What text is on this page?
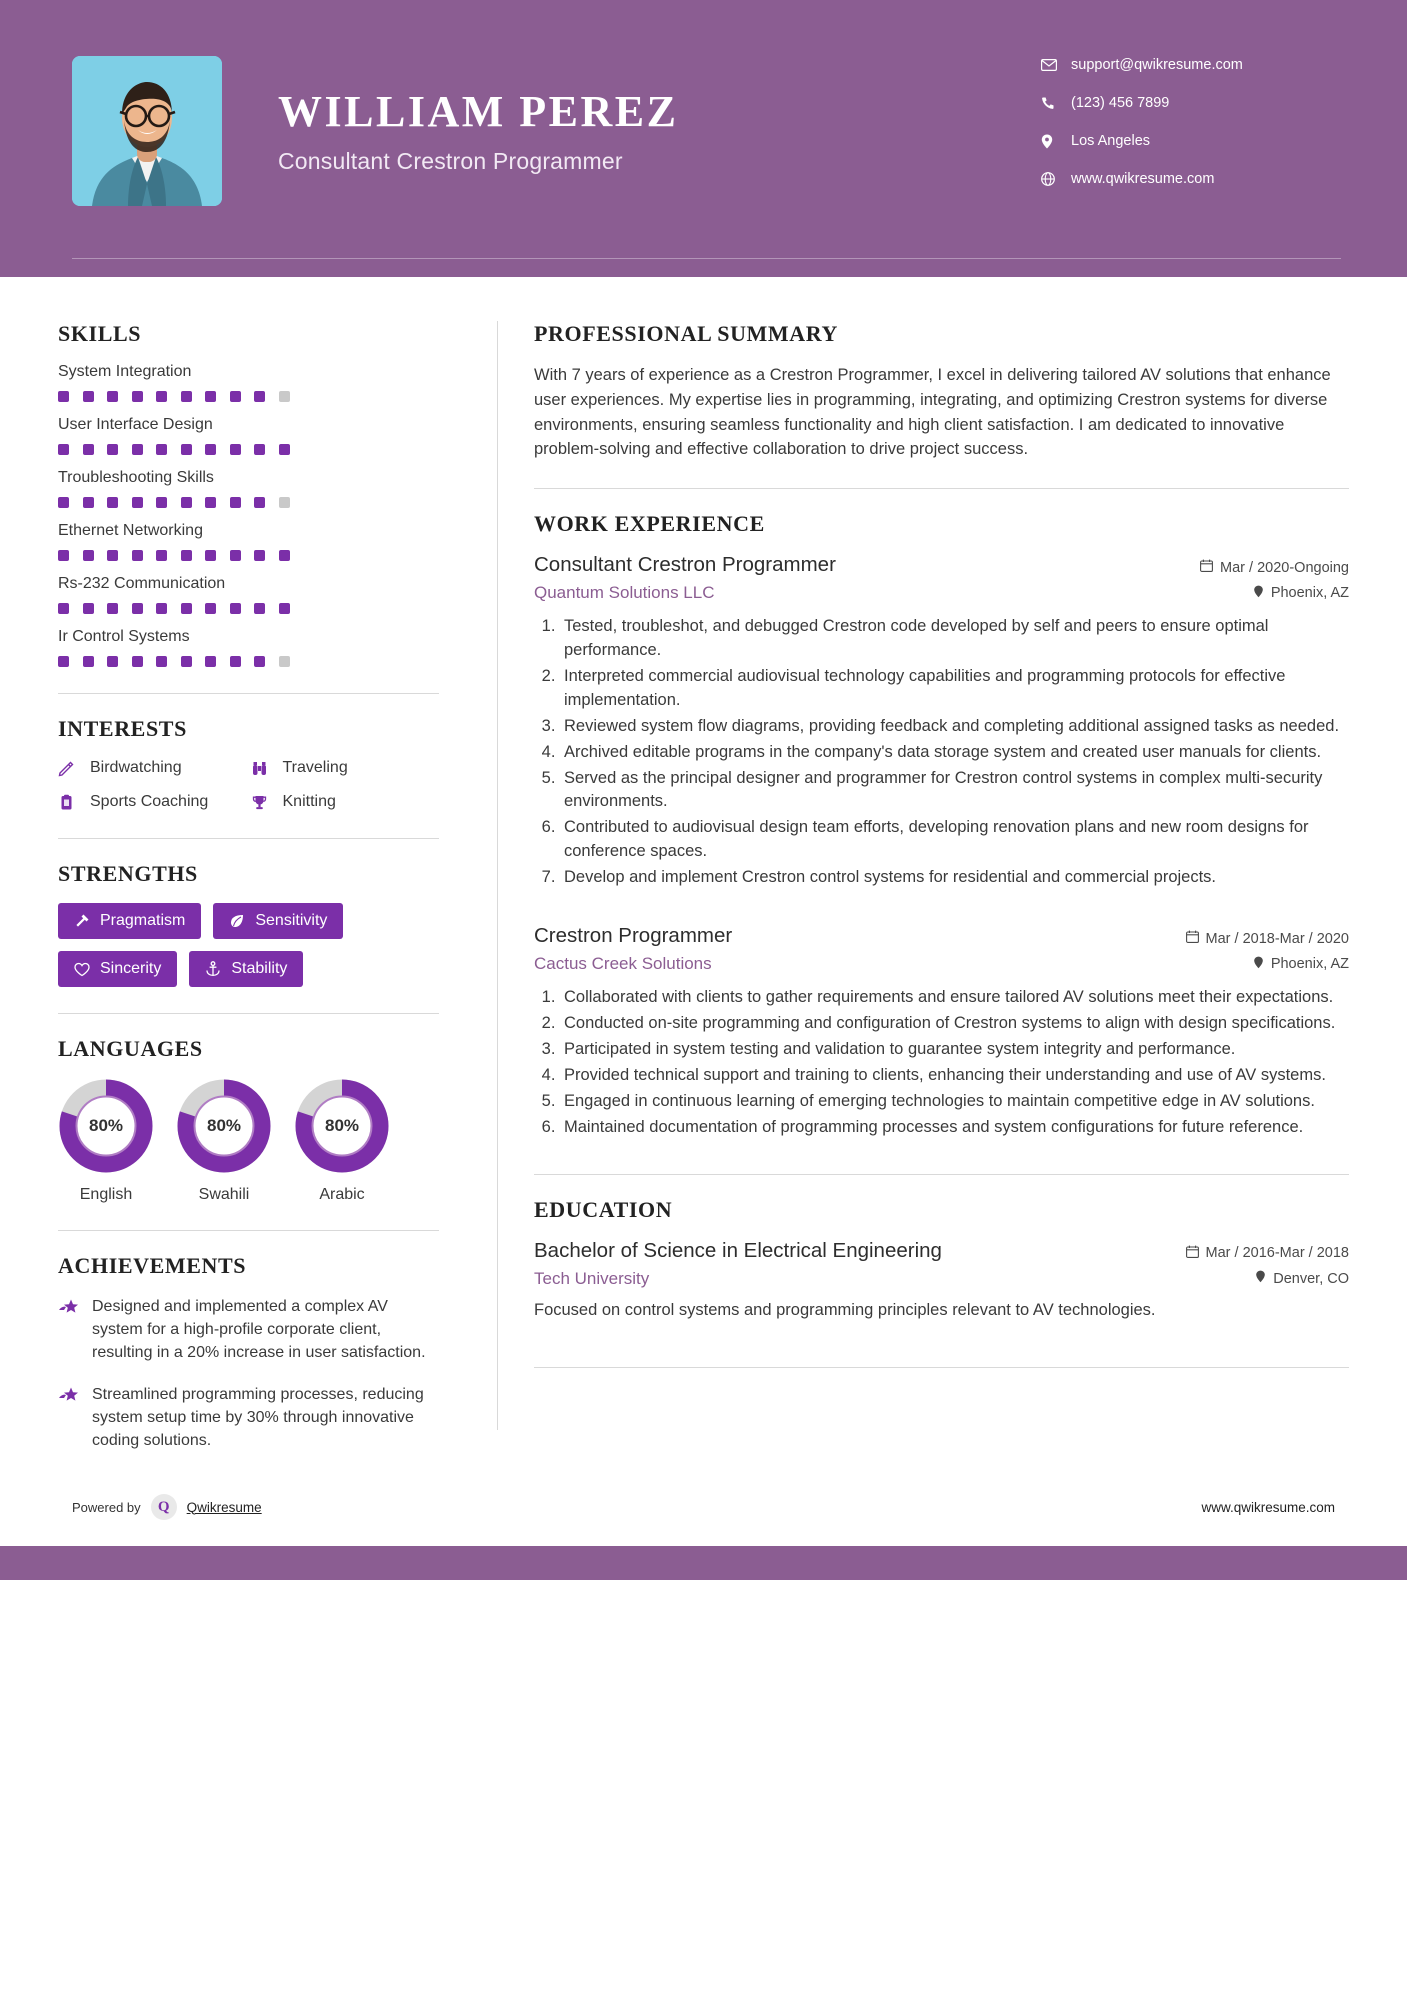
WILLIAM PEREZ
Consultant Crestron Programmer
support@qwikresume.com
(123) 456 7899
Los Angeles
www.qwikresume.com
SKILLS
System Integration
User Interface Design
Troubleshooting Skills
Ethernet Networking
Rs-232 Communication
Ir Control Systems
INTERESTS
Birdwatching	Traveling
Sports Coaching	Knitting
STRENGTHS
Pragmatism	Sensitivity
Sincerity	Stability
LANGUAGES
80%
English
80%
Swahili
80%
Arabic
ACHIEVEMENTS
Designed and implemented a complex AV system for a high-profile corporate client, resulting in a 20% increase in user satisfaction.
Streamlined programming processes, reducing system setup time by 30% through innovative coding solutions.
PROFESSIONAL SUMMARY
With 7 years of experience as a Crestron Programmer, I excel in delivering tailored AV solutions that enhance user experiences. My expertise lies in programming, integrating, and optimizing Crestron systems for diverse environments, ensuring seamless functionality and high client satisfaction. I am dedicated to innovative problem-solving and effective collaboration to drive project success.
WORK EXPERIENCE
Consultant Crestron Programmer	Mar / 2020-Ongoing
Quantum Solutions LLC	Phoenix, AZ
1. Tested, troubleshot, and debugged Crestron code developed by self and peers to ensure optimal performance.
2. Interpreted commercial audiovisual technology capabilities and programming protocols for effective implementation.
3. Reviewed system flow diagrams, providing feedback and completing additional assigned tasks as needed.
4. Archived editable programs in the company's data storage system and created user manuals for clients.
5. Served as the principal designer and programmer for Crestron control systems in complex multi-security environments.
6. Contributed to audiovisual design team efforts, developing renovation plans and new room designs for conference spaces.
7. Develop and implement Crestron control systems for residential and commercial projects.
Crestron Programmer	Mar / 2018-Mar / 2020
Cactus Creek Solutions	Phoenix, AZ
1. Collaborated with clients to gather requirements and ensure tailored AV solutions meet their expectations.
2. Conducted on-site programming and configuration of Crestron systems to align with design specifications.
3. Participated in system testing and validation to guarantee system integrity and performance.
4. Provided technical support and training to clients, enhancing their understanding and use of AV systems.
5. Engaged in continuous learning of emerging technologies to maintain competitive edge in AV solutions.
6. Maintained documentation of programming processes and system configurations for future reference.
EDUCATION
Bachelor of Science in Electrical Engineering	Mar / 2016-Mar / 2018
Tech University	Denver, CO
Focused on control systems and programming principles relevant to AV technologies.
Powered by	Q	Qwikresume	www.qwikresume.com
